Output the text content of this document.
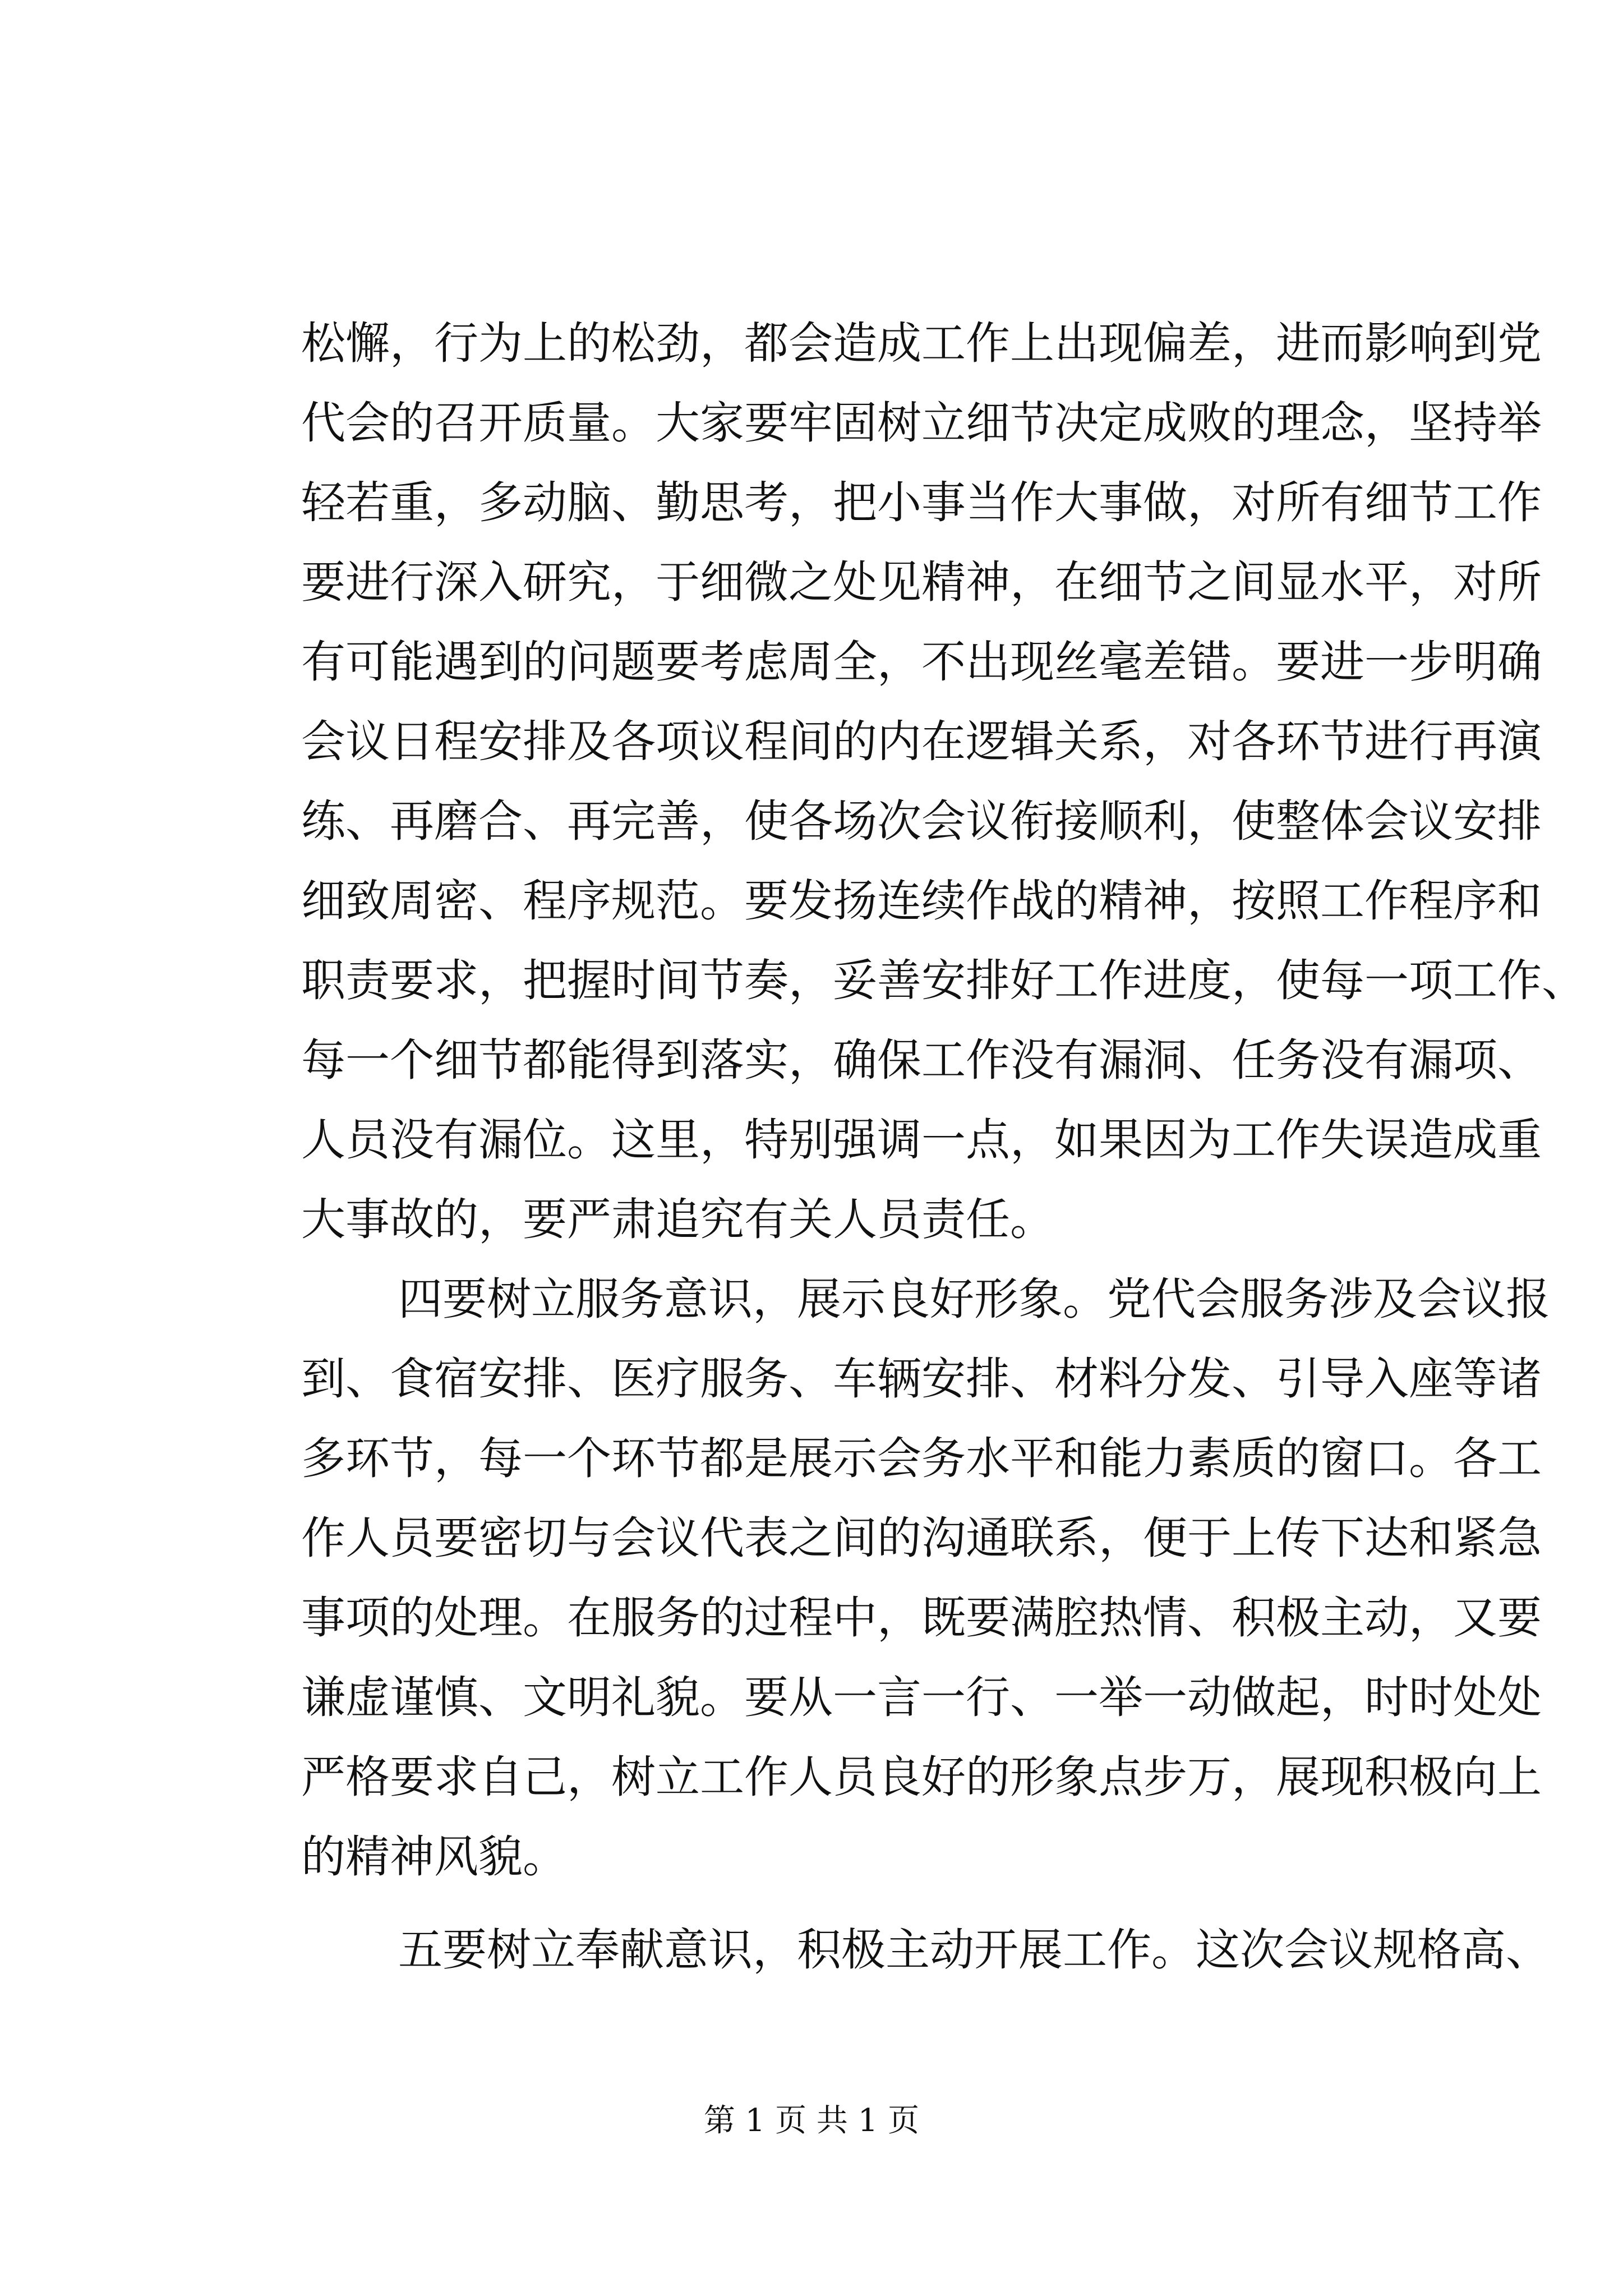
松懈，行为上的松劲，都会造成工作上出现偏差，进而影响到党
代会的召开质量。大家要牢固树立细节决定成败的理念，坚持举
轻若重，多动脑、勤思考，把小事当作大事做，对所有细节工作
要进行深入研究，于细微之处见精神，在细节之间显水平，对所
有可能遇到的问题要考虑周全，不出现丝毫差错。要进一步明确
会议日程安排及各项议程间的内在逻辑关系，对各环节进行再演
练、再磨合、再完善，使各场次会议衔接顺利，使整体会议安排
细致周密、程序规范。要发扬连续作战的精神，按照工作程序和
职责要求，把握时间节奏，妥善安排好工作进度，使每一项工作、
每一个细节都能得到落实，确保工作没有漏洞、任务没有漏项、
人员没有漏位。这里，特别强调一点，如果因为工作失误造成重
大事故的，要严肃追究有关人员责任。
四要树立服务意识，展示良好形象。党代会服务涉及会议报
到、食宿安排、医疗服务、车辆安排、材料分发、引导入座等诸
多环节，每一个环节都是展示会务水平和能力素质的窗口。各工
作人员要密切与会议代表之间的沟通联系，便于上传下达和紧急
事项的处理。在服务的过程中，既要满腔热情、积极主动，又要
谦虚谨慎、文明礼貌。要从一言一行、一举一动做起，时时处处
严格要求自己，树立工作人员良好的形象点步万，展现积极向上
的精神风貌。
五要树立奉献意识，积极主动开展工作。这次会议规格高、
第 1 页 共 1 页
